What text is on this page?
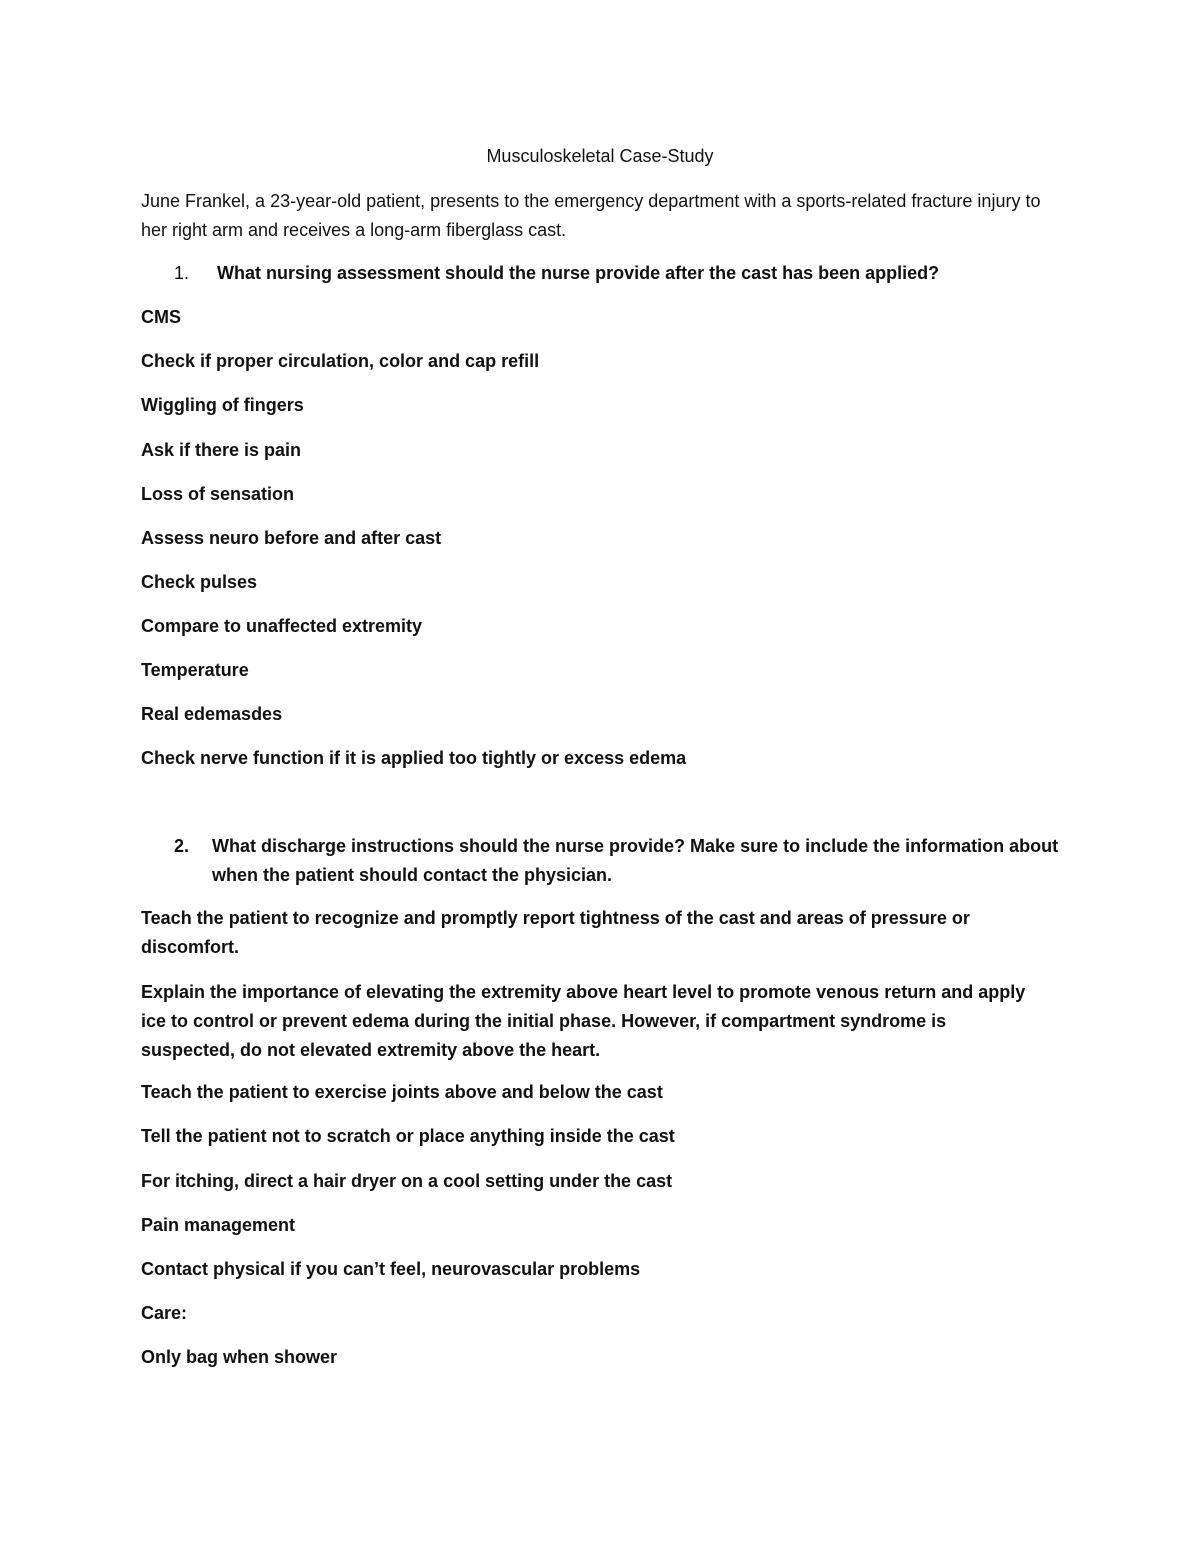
Musculoskeletal Case-Study

June Frankel, a 23-year-old patient, presents to the emergency department with a sports-related fracture injury to her right arm and receives a long-arm fiberglass cast.

1. What nursing assessment should the nurse provide after the cast has been applied?

CMS

Check if proper circulation, color and cap refill

Wiggling of fingers

Ask if there is pain

Loss of sensation

Assess neuro before and after cast

Check pulses

Compare to unaffected extremity

Temperature

Real edemasdes

Check nerve function if it is applied too tightly or excess edema

2. What discharge instructions should the nurse provide? Make sure to include the information about when the patient should contact the physician.

Teach the patient to recognize and promptly report tightness of the cast and areas of pressure or discomfort.

Explain the importance of elevating the extremity above heart level to promote venous return and apply ice to control or prevent edema during the initial phase. However, if compartment syndrome is suspected, do not elevated extremity above the heart.

Teach the patient to exercise joints above and below the cast

Tell the patient not to scratch or place anything inside the cast

For itching, direct a hair dryer on a cool setting under the cast

Pain management

Contact physical if you can’t feel, neurovascular problems

Care:

Only bag when shower
